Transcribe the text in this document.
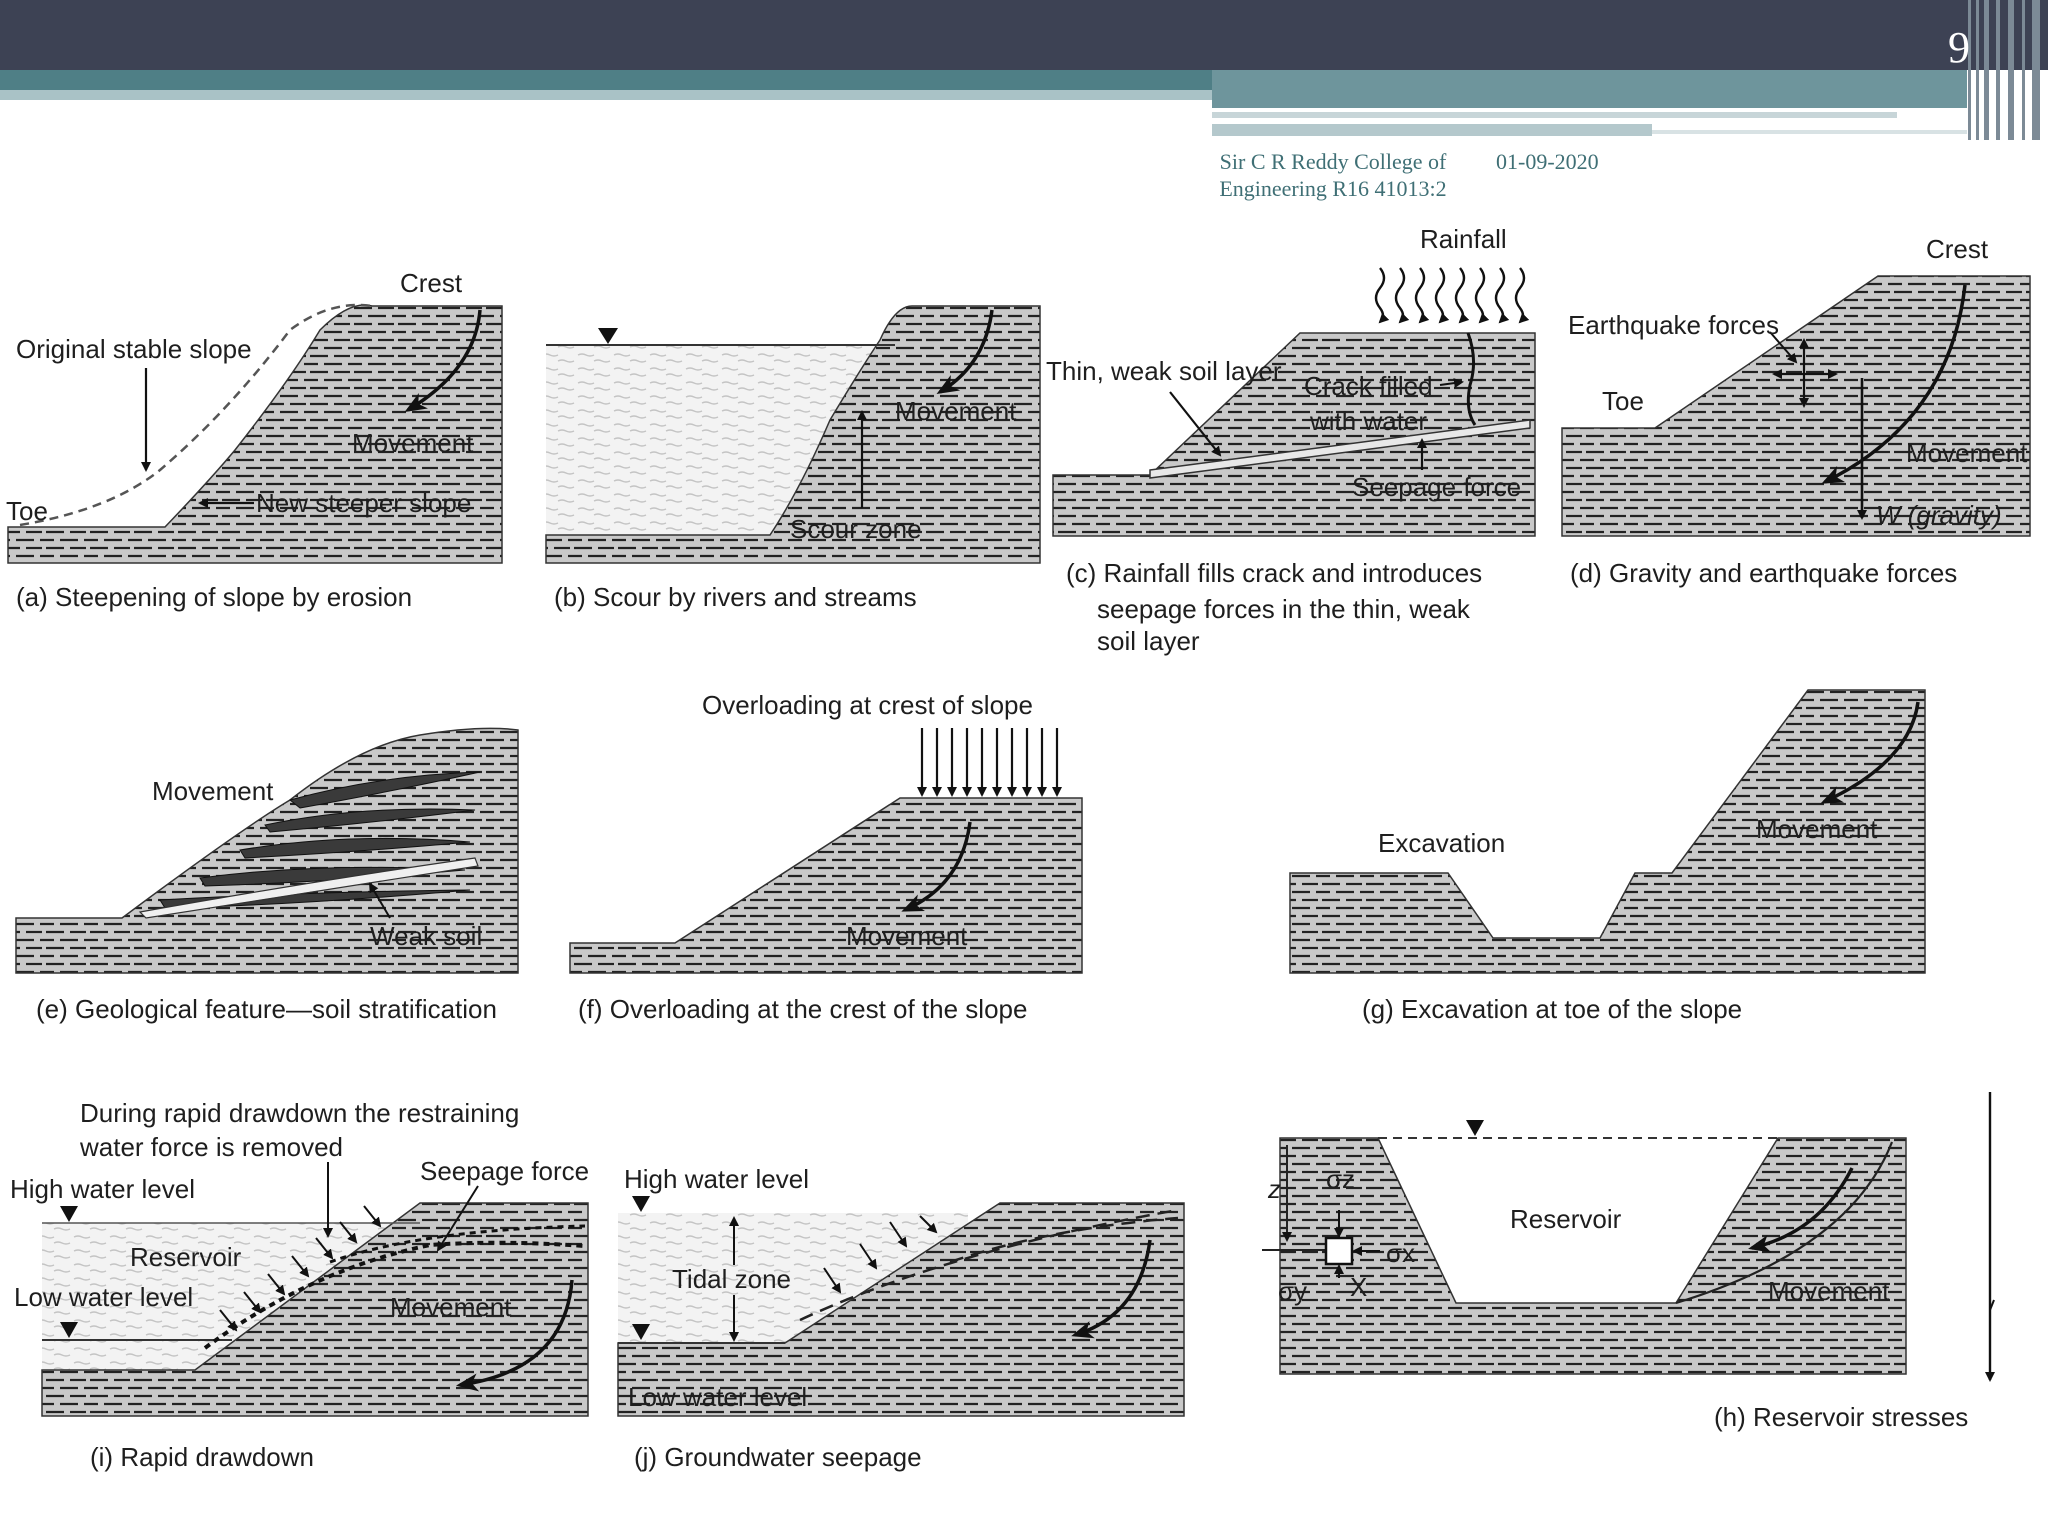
9
Sir C R Reddy College of
Engineering R16 41013:2
01-09-2020
Crest
Original stable slope
Movement
Toe	New steeper slope
(a) Steepening of slope by erosion
Movement
Scour zone
(b) Scour by rivers and streams
Rainfall
Thin, weak soil layer Crack filled
with water
Seepage force
(c) Rainfall fills crack and introduces
seepage forces in the thin, weak
soil layer
Crest
Earthquake forces
Toe
Movement
W (gravity)
(d) Gravity and earthquake forces
Movement
Weak soil
(e) Geological feature—soil stratification
Overloading at crest of slope
Movement
(f) Overloading at the crest of the slope
Excavation	Movement
(g) Excavation at toe of the slope
During rapid drawdown the restraining
water force is removed
High water level
Seepage force
Reservoir
Low water level	Movement
(i) Rapid drawdown
High water level
Tidal zone
Low water level
(j) Groundwater seepage
z σz
σx
σy X
Reservoir
Movement
(h) Reservoir stresses
